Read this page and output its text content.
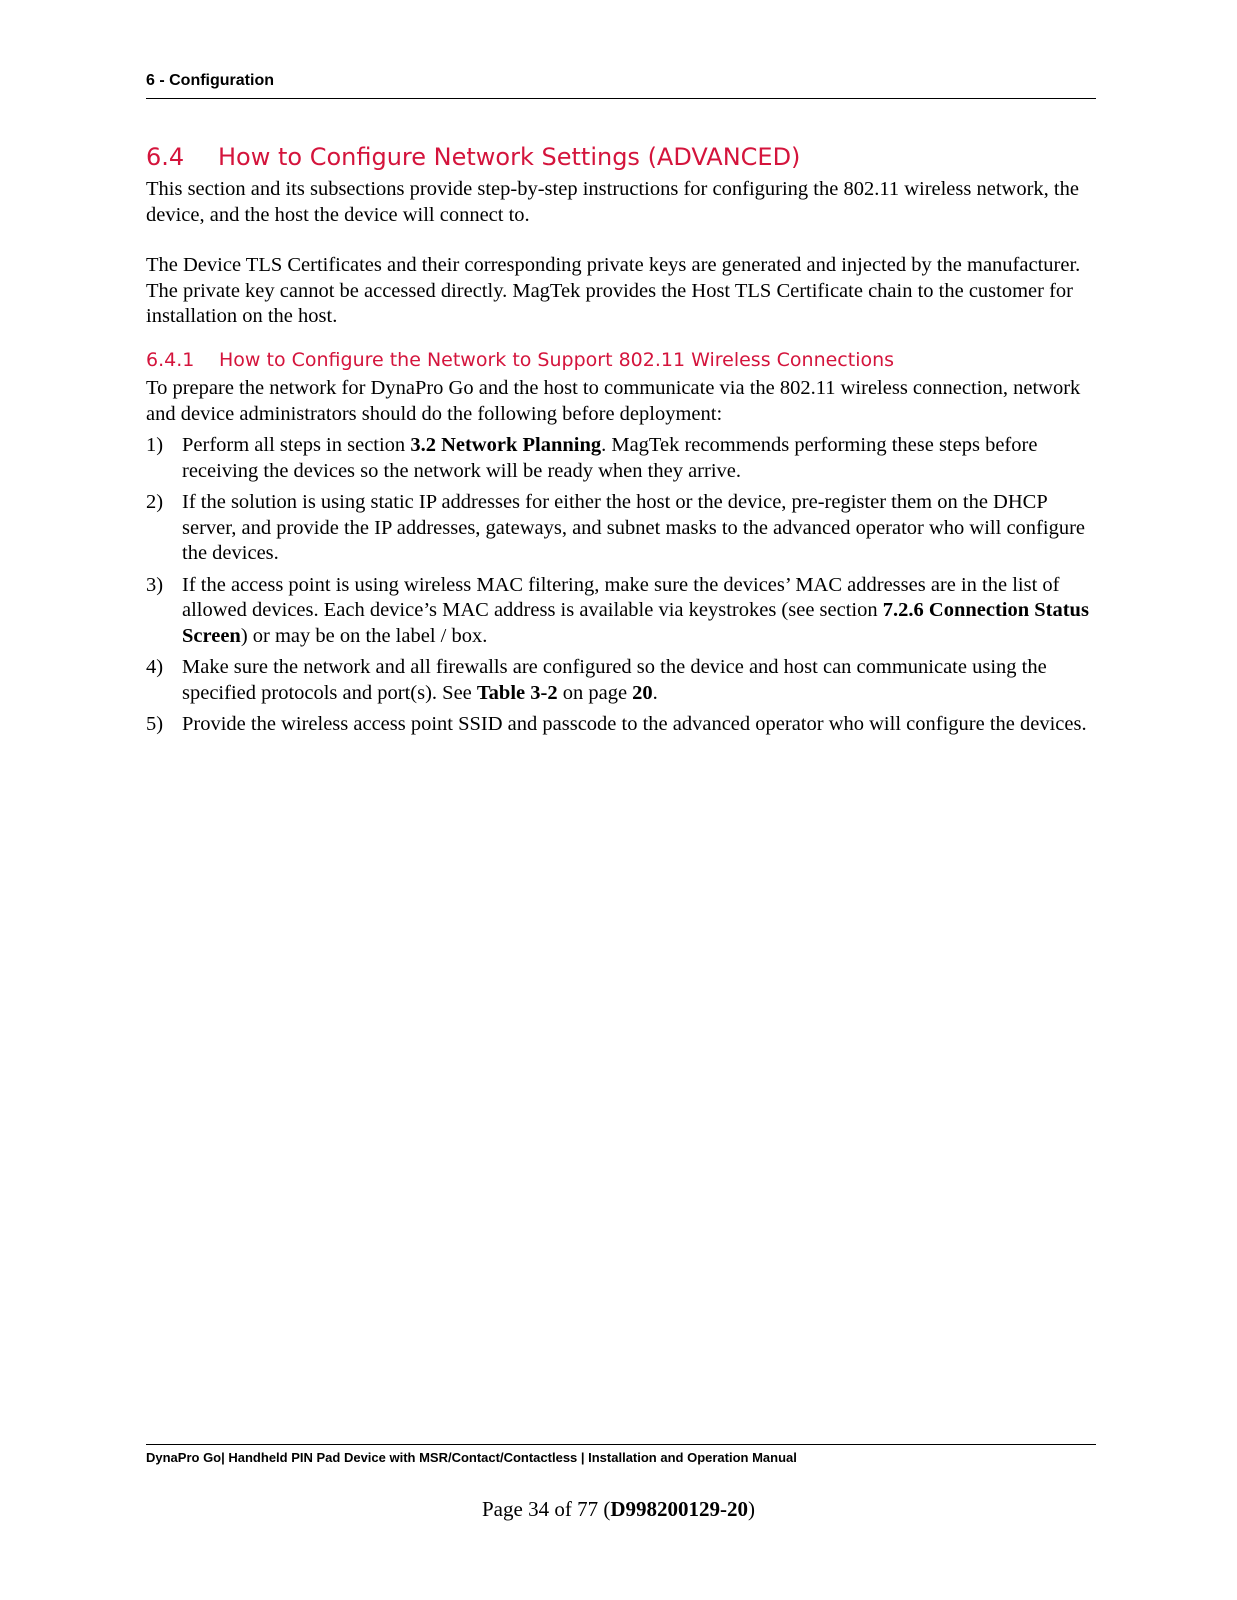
6 - Configuration
6.4 How to Configure Network Settings (ADVANCED)
This section and its subsections provide step-by-step instructions for configuring the 802.11 wireless network, the device, and the host the device will connect to.
The Device TLS Certificates and their corresponding private keys are generated and injected by the manufacturer. The private key cannot be accessed directly. MagTek provides the Host TLS Certificate chain to the customer for installation on the host.
6.4.1 How to Configure the Network to Support 802.11 Wireless Connections
To prepare the network for DynaPro Go and the host to communicate via the 802.11 wireless connection, network and device administrators should do the following before deployment:
1) Perform all steps in section 3.2 Network Planning. MagTek recommends performing these steps before receiving the devices so the network will be ready when they arrive.
2) If the solution is using static IP addresses for either the host or the device, pre-register them on the DHCP server, and provide the IP addresses, gateways, and subnet masks to the advanced operator who will configure the devices.
3) If the access point is using wireless MAC filtering, make sure the devices’ MAC addresses are in the list of allowed devices. Each device’s MAC address is available via keystrokes (see section 7.2.6 Connection Status Screen) or may be on the label / box.
4) Make sure the network and all firewalls are configured so the device and host can communicate using the specified protocols and port(s). See Table 3-2 on page 20.
5) Provide the wireless access point SSID and passcode to the advanced operator who will configure the devices.
DynaPro Go| Handheld PIN Pad Device with MSR/Contact/Contactless | Installation and Operation Manual
Page 34 of 77 (D998200129-20)
